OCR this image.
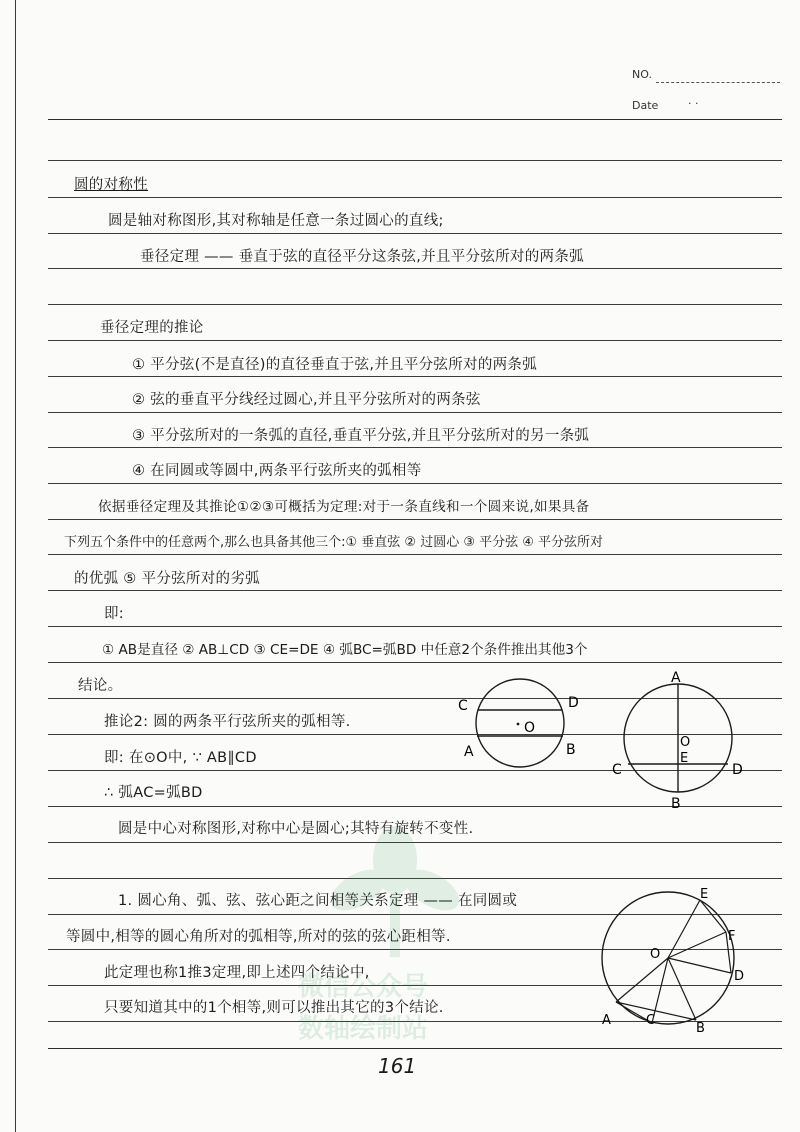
NO.
Date	· ·
微信公众号
数轴绘制站
圆的对称性
圆是轴对称图形,其对称轴是任意一条过圆心的直线;
垂径定理 —— 垂直于弦的直径平分这条弦,并且平分弦所对的两条弧
垂径定理的推论
① 平分弦(不是直径)的直径垂直于弦,并且平分弦所对的两条弧
② 弦的垂直平分线经过圆心,并且平分弦所对的两条弦
③ 平分弦所对的一条弧的直径,垂直平分弦,并且平分弦所对的另一条弧
④ 在同圆或等圆中,两条平行弦所夹的弧相等
依据垂径定理及其推论①②③可概括为定理:对于一条直线和一个圆来说,如果具备
下列五个条件中的任意两个,那么也具备其他三个:① 垂直弦 ② 过圆心 ③ 平分弦 ④ 平分弦所对
的优弧 ⑤ 平分弦所对的劣弧
即:
① AB是直径 ② AB⊥CD ③ CE=DE ④ 弧BC=弧BD 中任意2个条件推出其他3个
结论。
推论2: 圆的两条平行弦所夹的弧相等.
即: 在⊙O中, ∵ AB∥CD
∴ 弧AC=弧BD
圆是中心对称图形,对称中心是圆心;其特有旋转不变性.
1. 圆心角、弧、弦、弦心距之间相等关系定理 —— 在同圆或
等圆中,相等的圆心角所对的弧相等,所对的弦的弦心距相等.
此定理也称1推3定理,即上述四个结论中,
只要知道其中的1个相等,则可以推出其它的3个结论.
C	D
A	B
O
A
B
C	D
O
E
E
F
D
A	C
B
O
161
